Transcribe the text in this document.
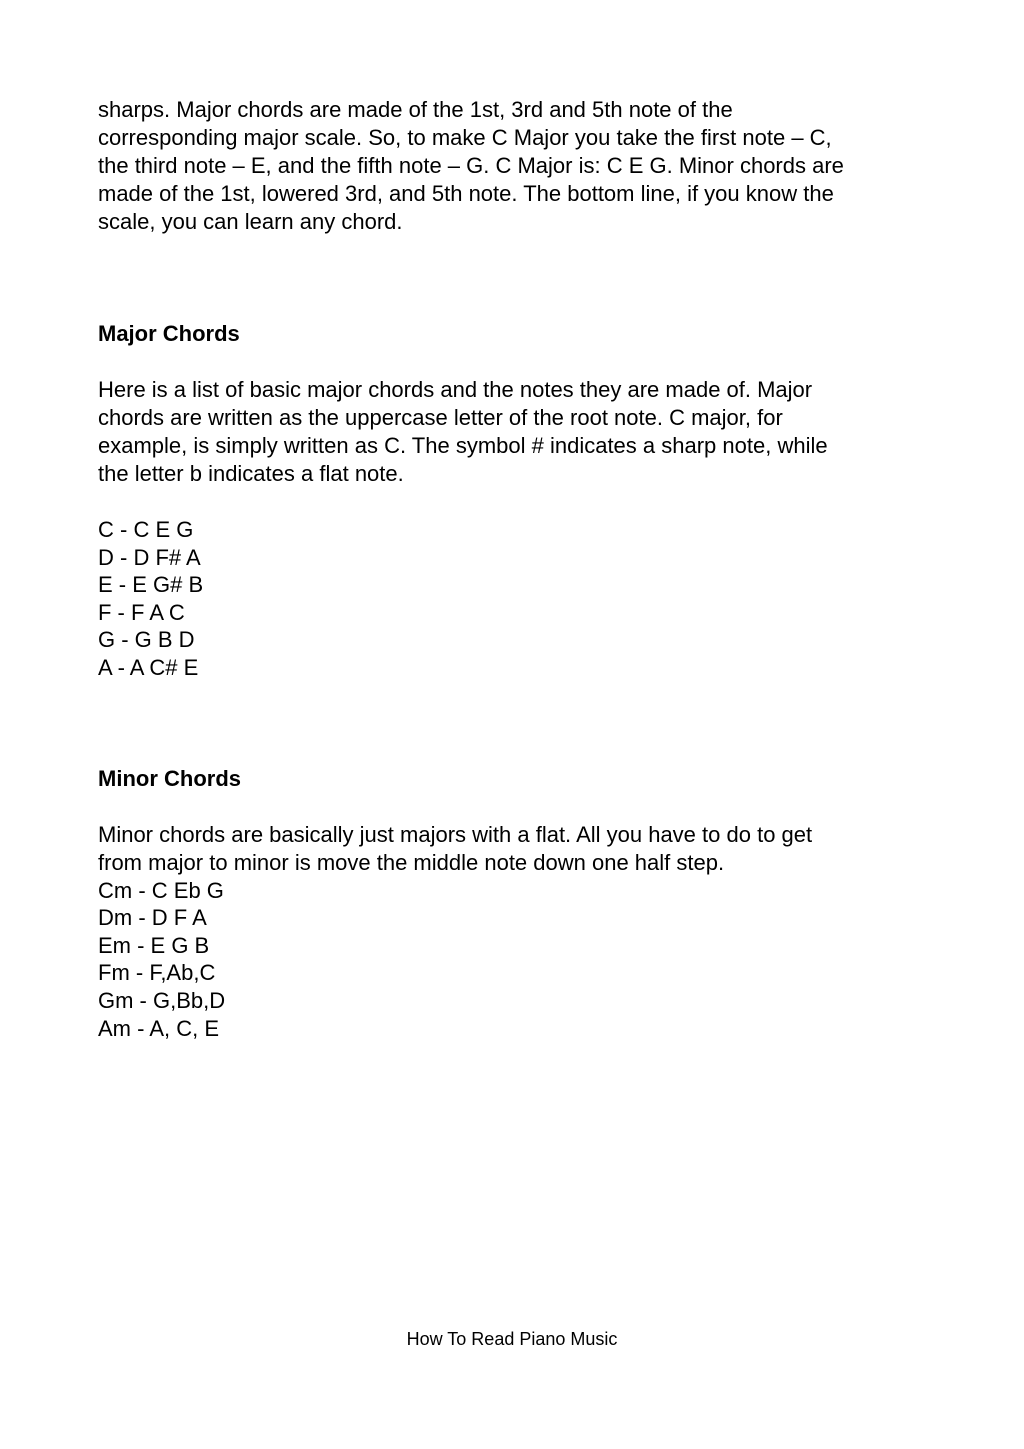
sharps. Major chords are made of the 1st, 3rd and 5th note of the
corresponding major scale. So, to make C Major you take the first note – C,
the third note – E, and the fifth note – G. C Major is: C E G. Minor chords are
made of the 1st, lowered 3rd, and 5th note. The bottom line, if you know the
scale, you can learn any chord.

Major Chords

Here is a list of basic major chords and the notes they are made of. Major
chords are written as the uppercase letter of the root note. C major, for
example, is simply written as C. The symbol # indicates a sharp note, while
the letter b indicates a flat note.

C - C E G
D - D F# A
E - E G# B
F - F A C
G - G B D
A - A C# E
Minor Chords

Minor chords are basically just majors with a flat. All you have to do to get
from major to minor is move the middle note down one half step.

Cm - C Eb G
Dm - D F A
Em - E G B
Fm - F,Ab,C
Gm - G,Bb,D
Am - A, C, E
How To Read Piano Music
